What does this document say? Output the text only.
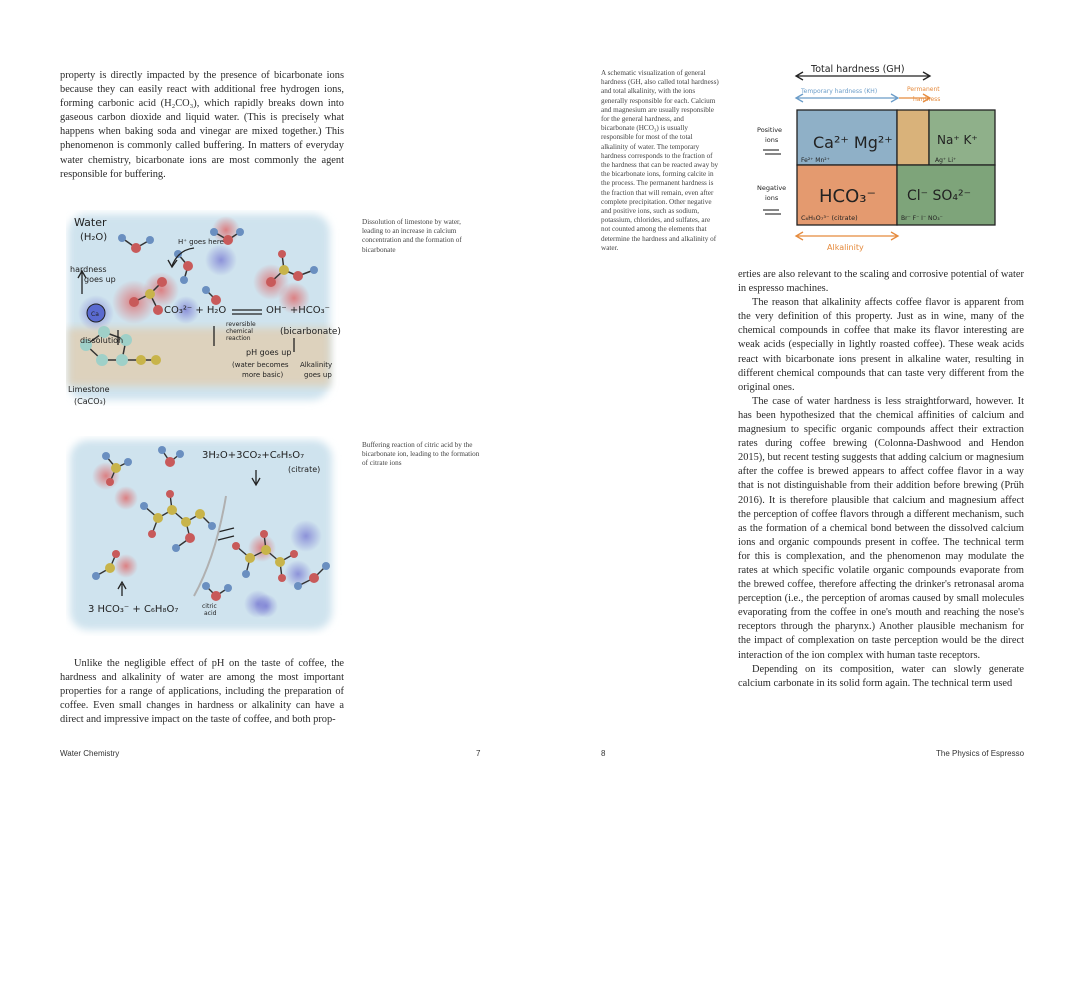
property is directly impacted by the presence of bicarbonate ions because they can easily react with additional free hydrogen ions, forming carbonic acid (H₂CO₃), which rapidly breaks down into gaseous carbon dioxide and liquid water. (This is precisely what happens when baking soda and vinegar are mixed together.) This phenomenon is commonly called buffering. In matters of everyday water chemistry, bicarbonate ions are most commonly the agent responsible for buffering.

Water
(H₂O)
hardness
goes up
H⁺ goes here
CO₃²⁻ + H₂O	OH⁻ +HCO₃⁻
reversible
chemical
reaction
(bicarbonate)
pH goes up
(water becomes
more basic)
Alkalinity
goes up
dissolution
Limestone
(CaCO₃)
Ca
Dissolution of limestone by water, leading to an increase in calcium concentration and the formation of bicarbonate
3H₂O+3CO₂+C₆H₅O₇
(citrate)
3 HCO₃⁻ + C₆H₈O₇	citric
acid
Buffering reaction of citric acid by the bicarbonate ion, leading to the formation of citrate ions

Unlike the negligible effect of pH on the taste of coffee, the hardness and alkalinity of water are among the most important properties for a range of applications, including the preparation of coffee. Even small changes in hardness or alkalinity can have a direct and impressive impact on the taste of coffee, and both prop-

Water Chemistry	7
A schematic visualization of general hardness (GH, also called total hardness) and total alkalinity, with the ions generally responsible for each. Calcium and magnesium are usually responsible for the general hardness, and bicarbonate (HCO₃) is usually responsible for most of the total alkalinity of water. The temporary hardness corresponds to the fraction of the hardness that can be reacted away by the bicarbonate ions, forming calcite in the process. The permanent hardness is the fraction that will remain, even after complete precipitation. Other negative and positive ions, such as sodium, potassium, chlorides, and sulfates, are not counted among the elements that determine the hardness and alkalinity of water.
Total hardness (GH)
Temporary hardness (KH)	Permanent
hardness
Ca²⁺ Mg²⁺
Fe²⁺ Mn²⁺
Na⁺ K⁺
Ag⁺ Li⁺
HCO₃⁻
C₆H₅O₇³⁻ (citrate)
Cl⁻ SO₄²⁻
Br⁻ F⁻ I⁻ NO₃⁻
Positive
ions
Negative
ions
Alkalinity

erties are also relevant to the scaling and corrosive potential of water in espresso machines.

The reason that alkalinity affects coffee flavor is apparent from the very definition of this property. Just as in wine, many of the chemical compounds in coffee that make its flavor interesting are weak acids (especially in lightly roasted coffee). These weak acids react with bicarbonate ions present in alkaline water, resulting in different chemical compounds that can taste very different from the original ones.

The case of water hardness is less straightforward, however. It has been hypothesized that the chemical affinities of calcium and magnesium to specific organic compounds affect their extraction rates during coffee brewing (Colonna-Dashwood and Hendon 2015), but recent testing suggests that adding calcium or magnesium after the coffee is brewed appears to affect coffee flavor in a way that is not distinguishable from their addition before brewing (Prüh 2016). It is therefore plausible that calcium and magnesium affect the perception of coffee flavors through a different mechanism, such as the formation of a chemical bond between the dissolved calcium ions and organic compounds present in coffee. The technical term for this is complexation, and the phenomenon may modulate the rates at which specific volatile organic compounds evaporate from the brewed coffee, therefore affecting the drinker's retronasal aroma perception (i.e., the perception of aromas caused by small molecules evaporating from the coffee in one's mouth and reaching the nose's receptors through the pharynx.) Another plausible mechanism for the impact of complexation on taste perception would be the direct interaction of the ion complex with human taste receptors.

Depending on its composition, water can slowly generate calcium carbonate in its solid form again. The technical term used

8	The Physics of Espresso
